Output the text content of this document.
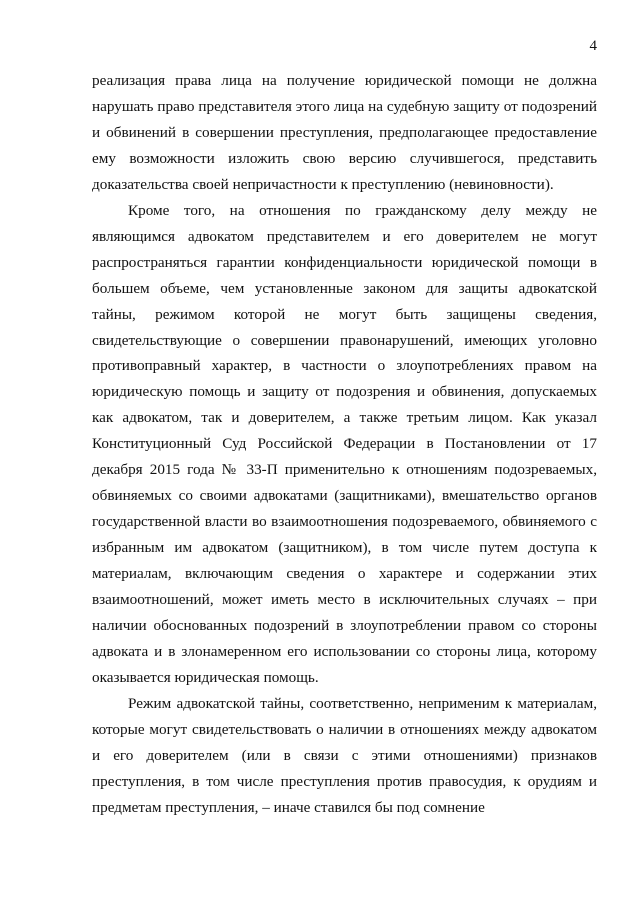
4

реализация права лица на получение юридической помощи не должна нарушать право представителя этого лица на судебную защиту от подозрений и обвинений в совершении преступления, предполагающее предоставление ему возможности изложить свою версию случившегося, представить доказательства своей непричастности к преступлению (невиновности).

Кроме того, на отношения по гражданскому делу между не являющимся адвокатом представителем и его доверителем не могут распространяться гарантии конфиденциальности юридической помощи в большем объеме, чем установленные законом для защиты адвокатской тайны, режимом которой не могут быть защищены сведения, свидетельствующие о совершении правонарушений, имеющих уголовно противоправный характер, в частности о злоупотреблениях правом на юридическую помощь и защиту от подозрения и обвинения, допускаемых как адвокатом, так и доверителем, а также третьим лицом. Как указал Конституционный Суд Российской Федерации в Постановлении от 17 декабря 2015 года № 33-П применительно к отношениям подозреваемых, обвиняемых со своими адвокатами (защитниками), вмешательство органов государственной власти во взаимоотношения подозреваемого, обвиняемого с избранным им адвокатом (защитником), в том числе путем доступа к материалам, включающим сведения о характере и содержании этих взаимоотношений, может иметь место в исключительных случаях – при наличии обоснованных подозрений в злоупотреблении правом со стороны адвоката и в злонамеренном его использовании со стороны лица, которому оказывается юридическая помощь.

Режим адвокатской тайны, соответственно, неприменим к материалам, которые могут свидетельствовать о наличии в отношениях между адвокатом и его доверителем (или в связи с этими отношениями) признаков преступления, в том числе преступления против правосудия, к орудиям и предметам преступления, – иначе ставился бы под сомнение
